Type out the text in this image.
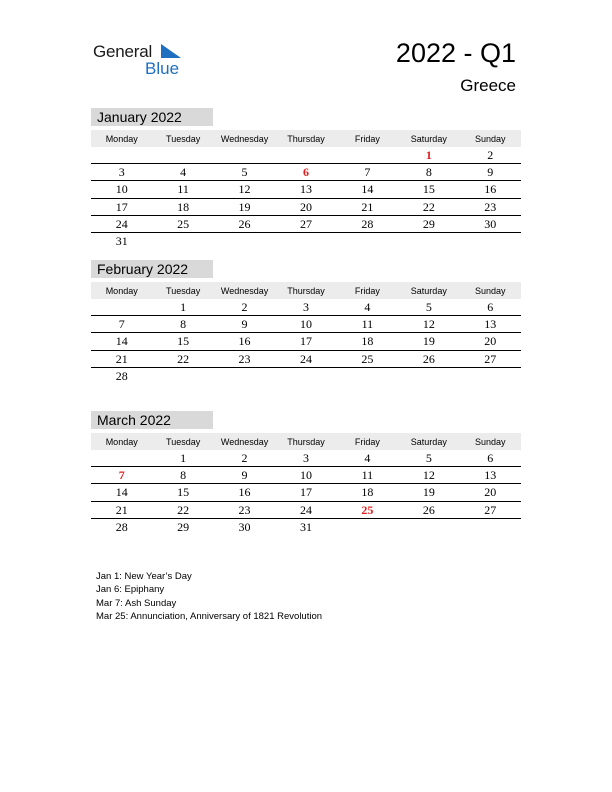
General
Blue
2022 - Q1
Greece
January 2022
Monday	Tuesday	Wednesday	Thursday	Friday	Saturday	Sunday
					1	2
3	4	5	6	7	8	9
10	11	12	13	14	15	16
17	18	19	20	21	22	23
24	25	26	27	28	29	30
31						
February 2022
Monday	Tuesday	Wednesday	Thursday	Friday	Saturday	Sunday
	1	2	3	4	5	6
7	8	9	10	11	12	13
14	15	16	17	18	19	20
21	22	23	24	25	26	27
28						
March 2022
Monday	Tuesday	Wednesday	Thursday	Friday	Saturday	Sunday
	1	2	3	4	5	6
7	8	9	10	11	12	13
14	15	16	17	18	19	20
21	22	23	24	25	26	27
28	29	30	31			
Jan 1: New Year’s Day
Jan 6: Epiphany
Mar 7: Ash Sunday
Mar 25: Annunciation, Anniversary of 1821 Revolution
